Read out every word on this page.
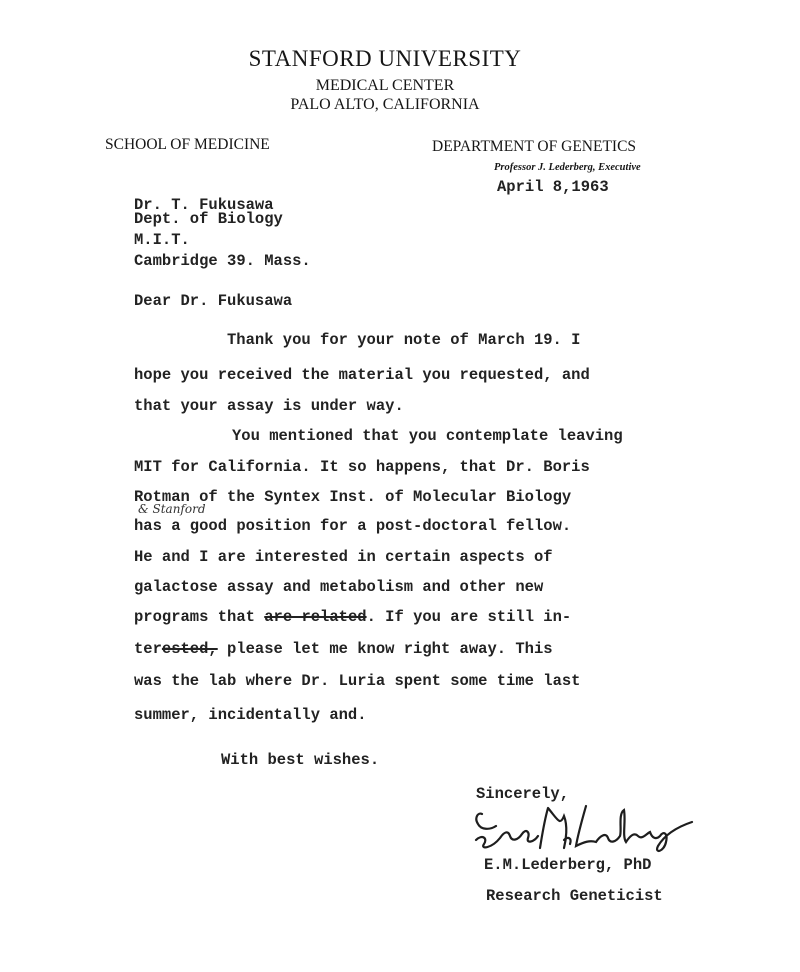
STANFORD UNIVERSITY
MEDICAL CENTER
PALO ALTO, CALIFORNIA
SCHOOL OF MEDICINE	DEPARTMENT OF GENETICS
Professor J. Lederberg, Executive
April 8,1963
Dr. T. Fukusawa
Dept. of Biology
M.I.T.
Cambridge 39. Mass.
Dear Dr. Fukusawa
Thank you for your note of March 19. I
hope you received the material you requested, and
that your assay is under way.
You mentioned that you contemplate leaving
MIT for California. It so happens, that Dr. Boris
Rotman of the Syntex Inst. of Molecular Biology
& Stanford
has a good position for a post-doctoral fellow.
He and I are interested in certain aspects of
galactose assay and metabolism and other new
programs that are related. If you are still in-
terested, please let me know right away. This
was the lab where Dr. Luria spent some time last
summer, incidentally and.
With best wishes.
Sincerely,
E.M.Lederberg, PhD
Research Geneticist
